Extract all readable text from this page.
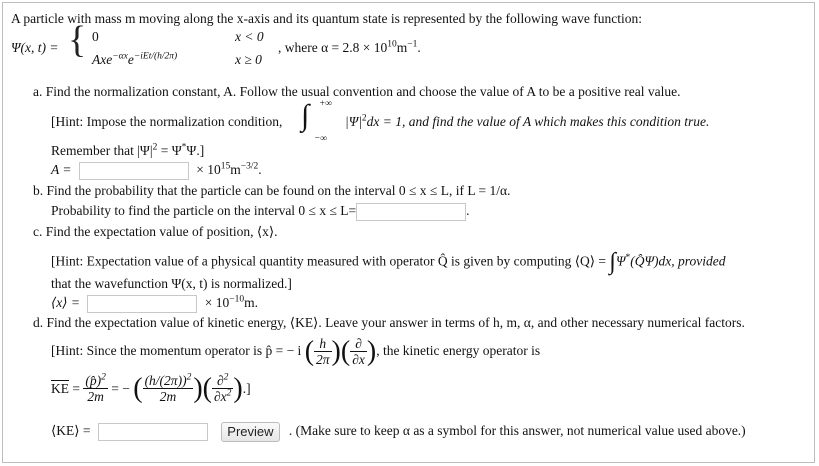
A particle with mass m moving along the x-axis and its quantum state is represented by the following wave function:
Ψ(x, t) = { 0	x < 0
$Axe^{-\alpha x}e^{-iEt/(h/2\pi)}$	x ≥ 0
, where $\alpha = 2.8 \times 10^{10}m^{-1}$.
a. Find the normalization constant, A. Follow the usual convention and choose the value of A to be a positive real value.
[Hint: Impose the normalization condition, ∫ +∞
−∞
$|\Psi|^2dx = 1$, and find the value of A which makes this condition true.
Remember that $|\Psi|^2 = \Psi^*\Psi$.]
A =	× $10^{15}m^{-3/2}$.
b. Find the probability that the particle can be found on the interval 0 ≤ x ≤ L, if L = 1/α.
Probability to find the particle on the interval 0 ≤ x ≤ L=	.
c. Find the expectation value of position, ⟨x⟩.
[Hint: Expectation value of a physical quantity measured with operator Q̂ is given by computing ⟨Q⟩ = ∫Ψ*(Q̂Ψ)dx, provided
that the wavefunction Ψ(x, t) is normalized.]
⟨x⟩ =	× $10^{-10}m$.
d. Find the expectation value of kinetic energy, ⟨KE⟩. Leave your answer in terms of h, m, α, and other necessary numerical factors.
[Hint: Since the momentum operator is p̂ = − i ( $\frac{h}{2\pi}$ )( $\frac{\partial}{\partial x}$ ), the kinetic energy operator is
$\overline{KE} = \frac{(p̂)^2}{2m}$ = − ( $\frac{(h/(2\pi))^2}{2m}$ )( $\frac{\partial^2}{\partial x^2}$ ).]
⟨KE⟩ =	Preview . (Make sure to keep α as a symbol for this answer, not numerical value used above.)
